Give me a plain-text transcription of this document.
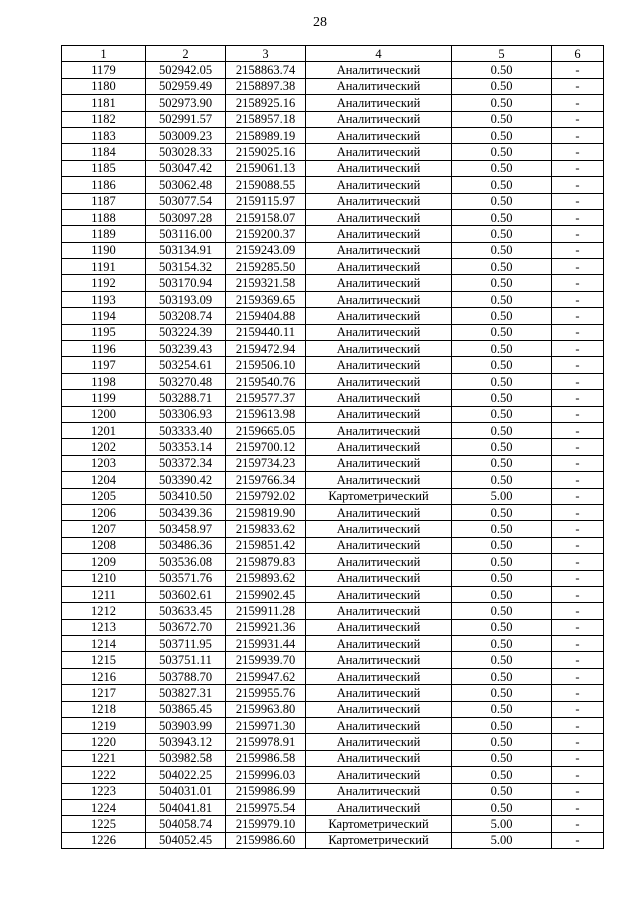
28
1	2	3	4	5	6
1179	502942.05	2158863.74	Аналитический	0.50	-
1180	502959.49	2158897.38	Аналитический	0.50	-
1181	502973.90	2158925.16	Аналитический	0.50	-
1182	502991.57	2158957.18	Аналитический	0.50	-
1183	503009.23	2158989.19	Аналитический	0.50	-
1184	503028.33	2159025.16	Аналитический	0.50	-
1185	503047.42	2159061.13	Аналитический	0.50	-
1186	503062.48	2159088.55	Аналитический	0.50	-
1187	503077.54	2159115.97	Аналитический	0.50	-
1188	503097.28	2159158.07	Аналитический	0.50	-
1189	503116.00	2159200.37	Аналитический	0.50	-
1190	503134.91	2159243.09	Аналитический	0.50	-
1191	503154.32	2159285.50	Аналитический	0.50	-
1192	503170.94	2159321.58	Аналитический	0.50	-
1193	503193.09	2159369.65	Аналитический	0.50	-
1194	503208.74	2159404.88	Аналитический	0.50	-
1195	503224.39	2159440.11	Аналитический	0.50	-
1196	503239.43	2159472.94	Аналитический	0.50	-
1197	503254.61	2159506.10	Аналитический	0.50	-
1198	503270.48	2159540.76	Аналитический	0.50	-
1199	503288.71	2159577.37	Аналитический	0.50	-
1200	503306.93	2159613.98	Аналитический	0.50	-
1201	503333.40	2159665.05	Аналитический	0.50	-
1202	503353.14	2159700.12	Аналитический	0.50	-
1203	503372.34	2159734.23	Аналитический	0.50	-
1204	503390.42	2159766.34	Аналитический	0.50	-
1205	503410.50	2159792.02	Картометрический	5.00	-
1206	503439.36	2159819.90	Аналитический	0.50	-
1207	503458.97	2159833.62	Аналитический	0.50	-
1208	503486.36	2159851.42	Аналитический	0.50	-
1209	503536.08	2159879.83	Аналитический	0.50	-
1210	503571.76	2159893.62	Аналитический	0.50	-
1211	503602.61	2159902.45	Аналитический	0.50	-
1212	503633.45	2159911.28	Аналитический	0.50	-
1213	503672.70	2159921.36	Аналитический	0.50	-
1214	503711.95	2159931.44	Аналитический	0.50	-
1215	503751.11	2159939.70	Аналитический	0.50	-
1216	503788.70	2159947.62	Аналитический	0.50	-
1217	503827.31	2159955.76	Аналитический	0.50	-
1218	503865.45	2159963.80	Аналитический	0.50	-
1219	503903.99	2159971.30	Аналитический	0.50	-
1220	503943.12	2159978.91	Аналитический	0.50	-
1221	503982.58	2159986.58	Аналитический	0.50	-
1222	504022.25	2159996.03	Аналитический	0.50	-
1223	504031.01	2159986.99	Аналитический	0.50	-
1224	504041.81	2159975.54	Аналитический	0.50	-
1225	504058.74	2159979.10	Картометрический	5.00	-
1226	504052.45	2159986.60	Картометрический	5.00	-
